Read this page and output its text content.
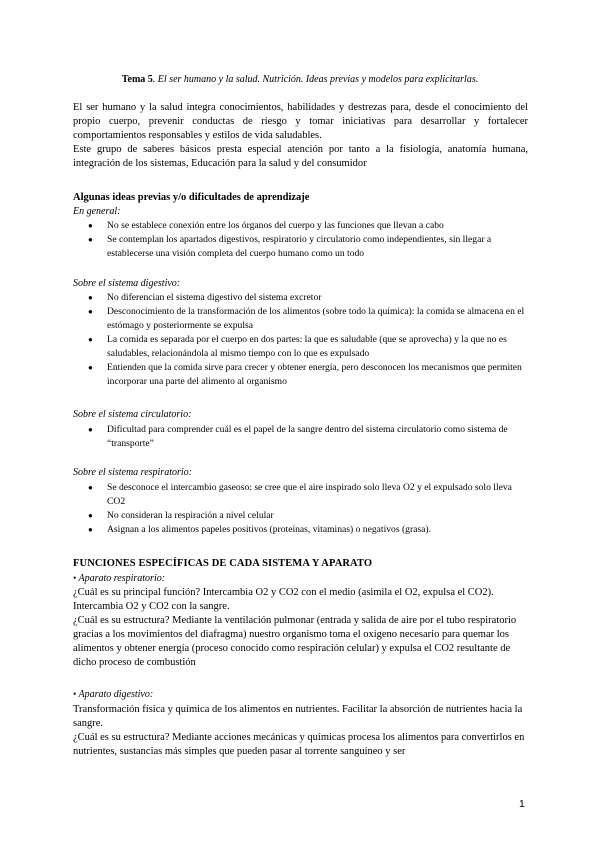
Tema 5. El ser humano y la salud. Nutrición. Ideas previas y modelos para explicitarlas.

El ser humano y la salud integra conocimientos, habilidades y destrezas para, desde el conocimiento del propio cuerpo, prevenir conductas de riesgo y tomar iniciativas para desarrollar y fortalecer comportamientos responsables y estilos de vida saludables.

Este grupo de saberes básicos presta especial atención por tanto a la fisiología, anatomía humana, integración de los sistemas, Educación para la salud y del consumidor

Algunas ideas previas y/o dificultades de aprendizaje

En general:

● No se establece conexión entre los órganos del cuerpo y las funciones que llevan a cabo
● Se contemplan los apartados digestivos, respiratorio y circulatorio como independientes, sin llegar a establecerse una visión completa del cuerpo humano como un todo

Sobre el sistema digestivo:

● No diferencian el sistema digestivo del sistema excretor
● Desconocimiento de la transformación de los alimentos (sobre todo la química): la comida se almacena en el estómago y posteriormente se expulsa
● La comida es separada por el cuerpo en dos partes: la que es saludable (que se aprovecha) y la que no es saludables, relacionándola al mismo tiempo con lo que es expulsado
● Entienden que la comida sirve para crecer y obtener energía, pero desconocen los mecanismos que permiten incorporar una parte del alimento al organismo

Sobre el sistema circulatorio:

● Dificultad para comprender cuál es el papel de la sangre dentro del sistema circulatorio como sistema de “transporte”

Sobre el sistema respiratorio:

● Se desconoce el intercambio gaseoso: se cree que el aire inspirado solo lleva O2 y el expulsado solo lleva CO2
● No consideran la respiración a nivel celular
● Asignan a los alimentos papeles positivos (proteínas, vitaminas) o negativos (grasa).

FUNCIONES ESPECÍFICAS DE CADA SISTEMA Y APARATO

• Aparato respiratorio:

¿Cuál es su principal función? Intercambia O2 y CO2 con el medio (asimila el O2, expulsa el CO2). Intercambia O2 y CO2 con la sangre.

¿Cuál es su estructura? Mediante la ventilación pulmonar (entrada y salida de aire por el tubo respiratorio gracias a los movimientos del diafragma) nuestro organismo toma el oxígeno necesario para quemar los alimentos y obtener energía (proceso conocido como respiración celular) y expulsa el CO2 resultante de dicho proceso de combustión

• Aparato digestivo:

Transformación física y química de los alimentos en nutrientes. Facilitar la absorción de nutrientes hacia la sangre.

¿Cuál es su estructura? Mediante acciones mecánicas y químicas procesa los alimentos para convertirlos en nutrientes, sustancias más simples que pueden pasar al torrente sanguíneo y ser

1
